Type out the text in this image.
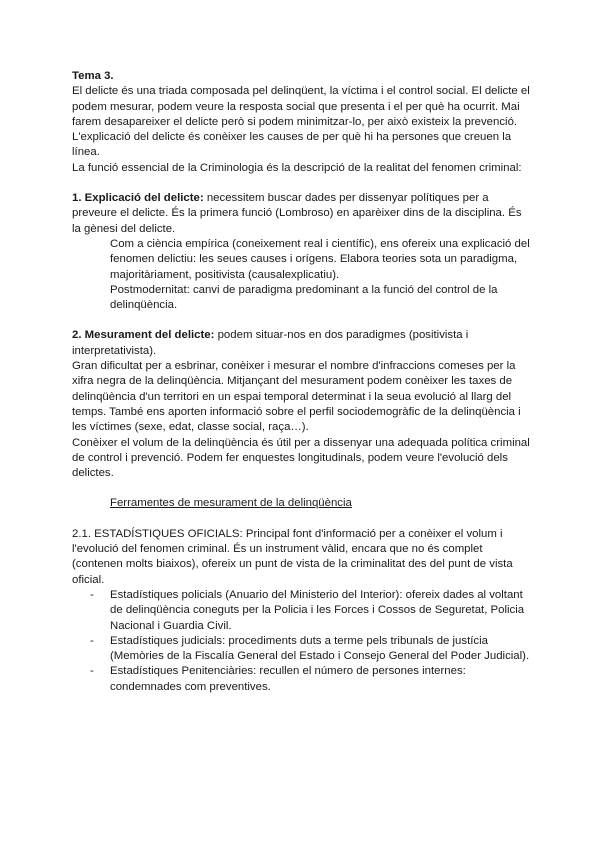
Tema 3.

El delicte és una triada composada pel delinqüent, la víctima i el control social. El delicte el podem mesurar, podem veure la resposta social que presenta i el per què ha ocurrit. Mai farem desapareixer el delicte però si podem minimitzar-lo, per això existeix la prevenció.

L'explicació del delicte és conèixer les causes de per què hi ha persones que creuen la línea.

La funció essencial de la Criminologia és la descripció de la realitat del fenomen criminal:

1. Explicació del delicte: necessitem buscar dades per dissenyar polítiques per a preveure el delicte. És la primera funció (Lombroso) en aparèixer dins de la disciplina. És la gènesi del delicte.

Com a ciència empírica (coneixement real i científic), ens ofereix una explicació del fenomen delictiu: les seues causes i orígens. Elabora teories sota un paradigma, majoritàriament, positivista (causalexplicatiu).

Postmodernitat: canvi de paradigma predominant a la funció del control de la delinqüència.

2. Mesurament del delicte: podem situar-nos en dos paradigmes (positivista i interpretativista).

Gran dificultat per a esbrinar, conèixer i mesurar el nombre d'infraccions comeses per la xifra negra de la delinqüència. Mitjançant del mesurament podem conèixer les taxes de delinqüència d'un territori en un espai temporal determinat i la seua evolució al llarg del temps. També ens aporten informació sobre el perfil sociodemogràfic de la delinqüència i les víctimes (sexe, edat, classe social, raça…).

Conèixer el volum de la delinqüència és útil per a dissenyar una adequada política criminal de control i prevenció. Podem fer enquestes longitudinals, podem veure l'evolució dels delictes.

Ferramentes de mesurament de la delinqüència

2.1. ESTADÍSTIQUES OFICIALS: Principal font d'informació per a conèixer el volum i l'evolució del fenomen criminal. És un instrument vàlid, encara que no és complet (contenen molts biaixos), ofereix un punt de vista de la criminalitat des del punt de vista oficial.

- Estadístiques policials (Anuario del Ministerio del Interior): ofereix dades al voltant de delinqüència coneguts per la Policia i les Forces i Cossos de Seguretat, Policia Nacional i Guardia Civil.
- Estadístiques judicials: procediments duts a terme pels tribunals de justícia (Memòries de la Fiscalía General del Estado i Consejo General del Poder Judicial).
- Estadístiques Penitenciàries: recullen el número de persones internes: condemnades com preventives.
